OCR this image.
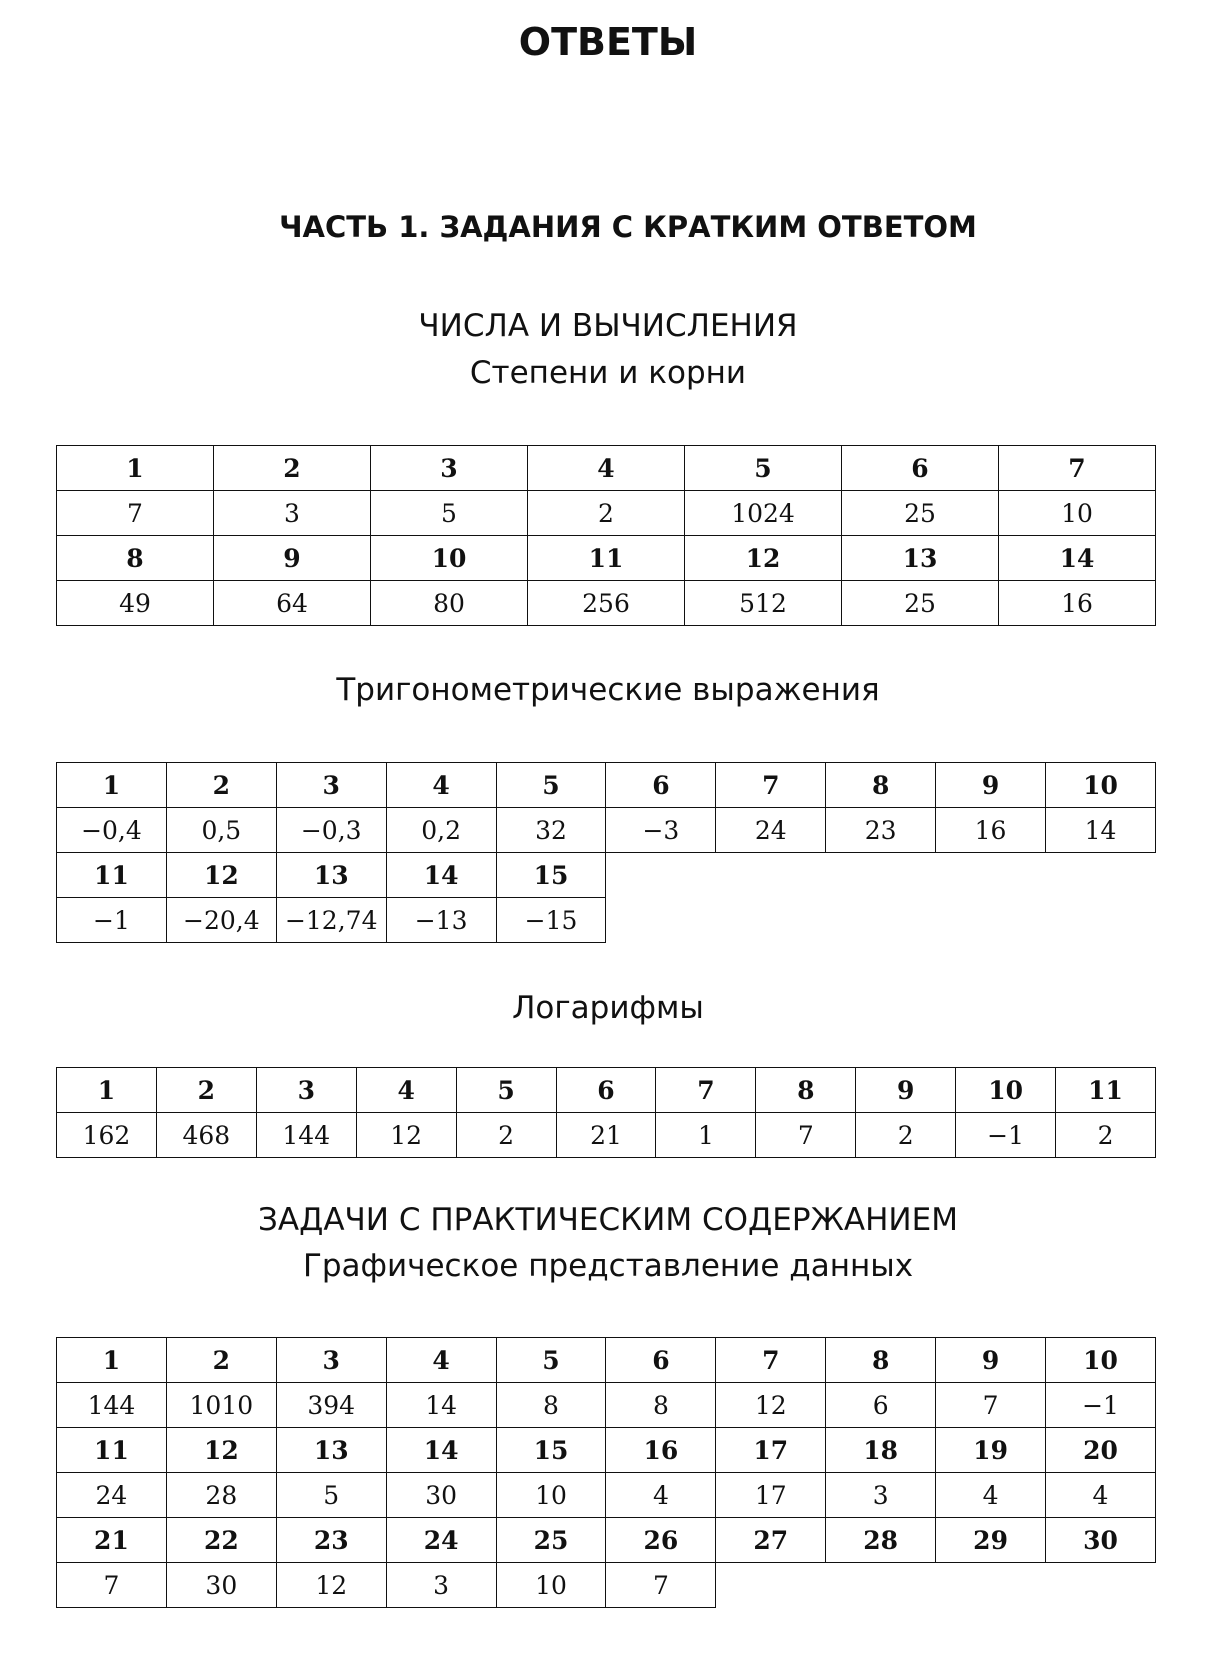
ОТВЕТЫ
ЧАСТЬ 1. ЗАДАНИЯ С КРАТКИМ ОТВЕТОМ
ЧИСЛА И ВЫЧИСЛЕНИЯ
Степени и корни
1	2	3	4	5	6	7
7	3	5	2	1024	25	10
8	9	10	11	12	13	14
49	64	80	256	512	25	16
Тригонометрические выражения
1	2	3	4	5	6	7	8	9	10
−0,4	0,5	−0,3	0,2	32	−3	24	23	16	14
11	12	13	14	15					
−1	−20,4	−12,74	−13	−15					
Логарифмы
1	2	3	4	5	6	7	8	9	10	11
162	468	144	12	2	21	1	7	2	−1	2
ЗАДАЧИ С ПРАКТИЧЕСКИМ СОДЕРЖАНИЕМ
Графическое представление данных
1	2	3	4	5	6	7	8	9	10
144	1010	394	14	8	8	12	6	7	−1
11	12	13	14	15	16	17	18	19	20
24	28	5	30	10	4	17	3	4	4
21	22	23	24	25	26	27	28	29	30
7	30	12	3	10	7				
